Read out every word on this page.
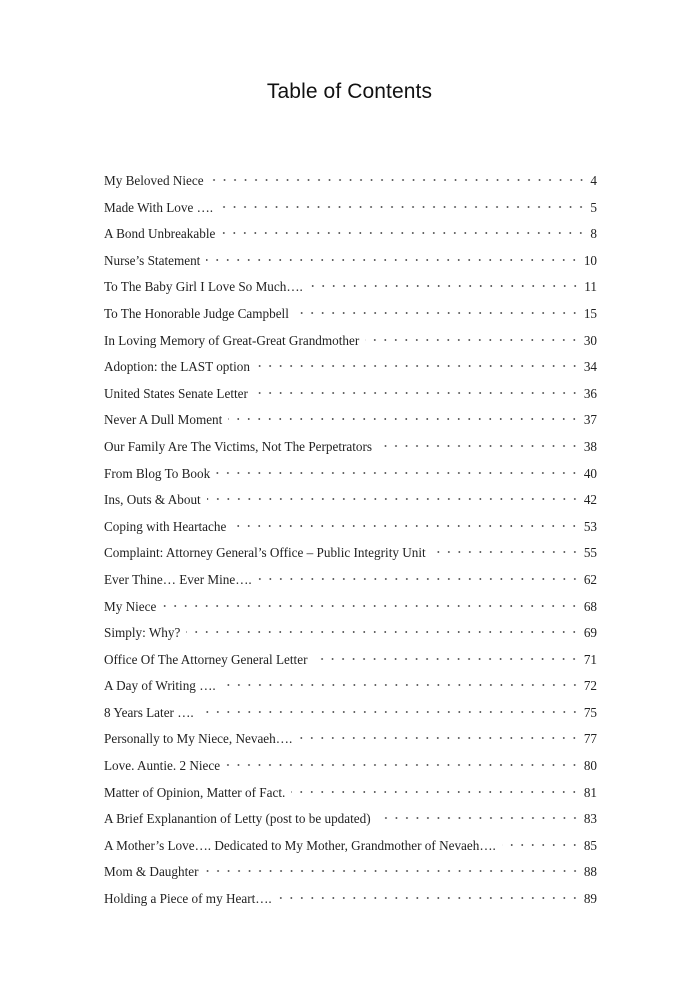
Table of Contents
My Beloved Niece	4
Made With Love ….	5
A Bond Unbreakable	8
Nurse’s Statement	10
To The Baby Girl I Love So Much….	11
To The Honorable Judge Campbell	15
In Loving Memory of Great-Great Grandmother	30
Adoption: the LAST option	34
United States Senate Letter	36
Never A Dull Moment	37
Our Family Are The Victims, Not The Perpetrators	38
From Blog To Book	40
Ins, Outs & About	42
Coping with Heartache	53
Complaint: Attorney General’s Office – Public Integrity Unit	55
Ever Thine… Ever Mine….	62
My Niece	68
Simply: Why?	69
Office Of The Attorney General Letter	71
A Day of Writing ….	72
8 Years Later ….	75
Personally to My Niece, Nevaeh….	77
Love. Auntie. 2 Niece	80
Matter of Opinion, Matter of Fact.	81
A Brief Explanantion of Letty (post to be updated)	83
A Mother’s Love…. Dedicated to My Mother, Grandmother of Nevaeh….	85
Mom & Daughter	88
Holding a Piece of my Heart….	89
